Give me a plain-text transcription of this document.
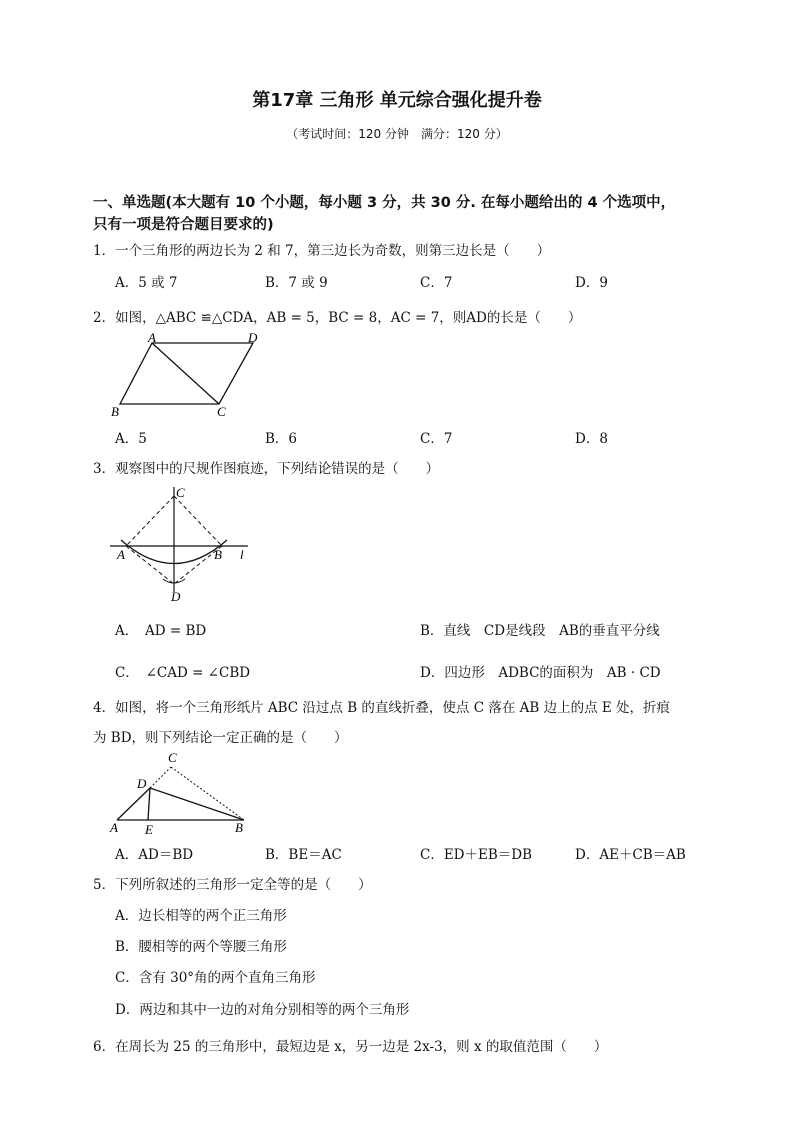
第17章 三角形 单元综合强化提升卷
（考试时间：120 分钟　满分：120 分）
一、单选题(本大题有 10 个小题，每小题 3 分，共 30 分. 在每小题给出的 4 个选项中，
只有一项是符合题目要求的)
1．一个三角形的两边长为 2 和 7，第三边长为奇数，则第三边长是（　　）
A．5 或 7	B．7 或 9	C．7	D．9
2．如图，△ABC ≌△CDA，AB = 5，BC = 8，AC = 7，则AD的长是（　　）
A	D
B	C
A．5	B．6	C．7	D．8
3．观察图中的尺规作图痕迹，下列结论错误的是（　　）
C
A	B l
D
A．　AD = BD	B．直线　CD是线段　AB的垂直平分线
C．　∠CAD = ∠CBD	D．四边形　ADBC的面积为　AB · CD
4．如图，将一个三角形纸片 ABC 沿过点 B 的直线折叠，使点 C 落在 AB 边上的点 E 处，折痕
为 BD，则下列结论一定正确的是（　　）
C
D
A E	B
A．AD＝BD	B．BE＝AC	C．ED＋EB＝DB	D．AE＋CB＝AB
5．下列所叙述的三角形一定全等的是（　　）
A．边长相等的两个正三角形
B．腰相等的两个等腰三角形
C．含有 30°角的两个直角三角形
D．两边和其中一边的对角分别相等的两个三角形
6．在周长为 25 的三角形中，最短边是 x，另一边是 2x-3，则 x 的取值范围（　　）
